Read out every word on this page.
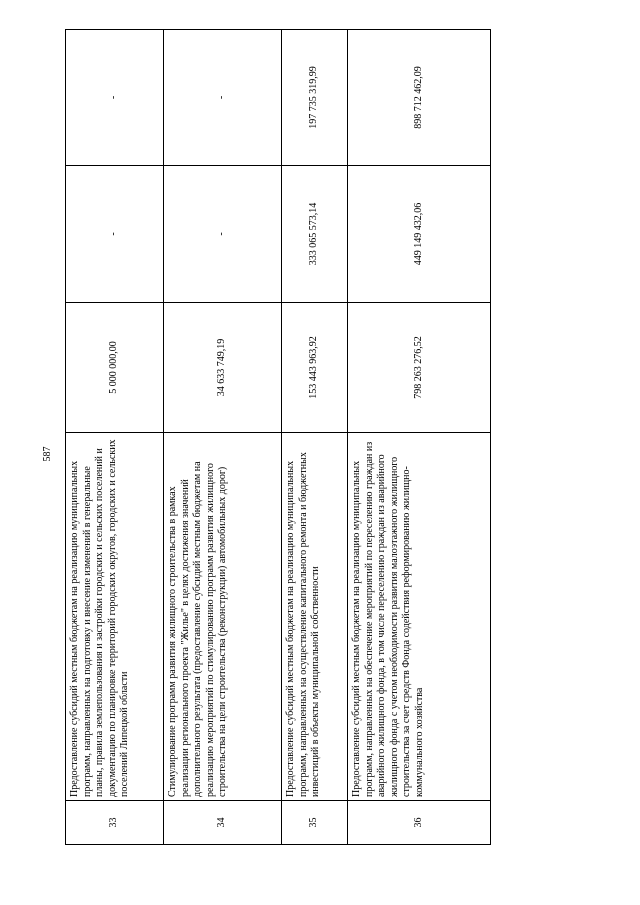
587
33	Предоставление субсидий местным бюджетам на реализацию муниципальных программ, направленных на подготовку и внесение изменений в генеральные планы, правила землепользования и застройки городских и сельских поселений и документацию по планировке территорий городских округов, городских и сельских поселений Липецкой области	5 000 000,00	-	-
34	Стимулирование программ развития жилищного строительства в рамках реализации регионального проекта "Жилье" в целях достижения значений дополнительного результата (предоставление субсидий местным бюджетам на реализацию мероприятий по стимулированию программ развития жилищного строительства на цели строительства (реконструкции) автомобильных дорог)	34 633 749,19	-	-
35	Предоставление субсидий местным бюджетам на реализацию муниципальных программ, направленных на осуществление капитального ремонта и бюджетных инвестиций в объекты муниципальной собственности	153 443 963,92	333 065 573,14	197 735 319,99
36	Предоставление субсидий местным бюджетам на реализацию муниципальных программ, направленных на обеспечение мероприятий по переселению граждан из аварийного жилищного фонда, в том числе переселению граждан из аварийного жилищного фонда с учетом необходимости развития малоэтажного жилищного строительства за счет средств Фонда содействия реформированию жилищно-коммунального хозяйства	798 263 276,52	449 149 432,06	898 712 462,09
